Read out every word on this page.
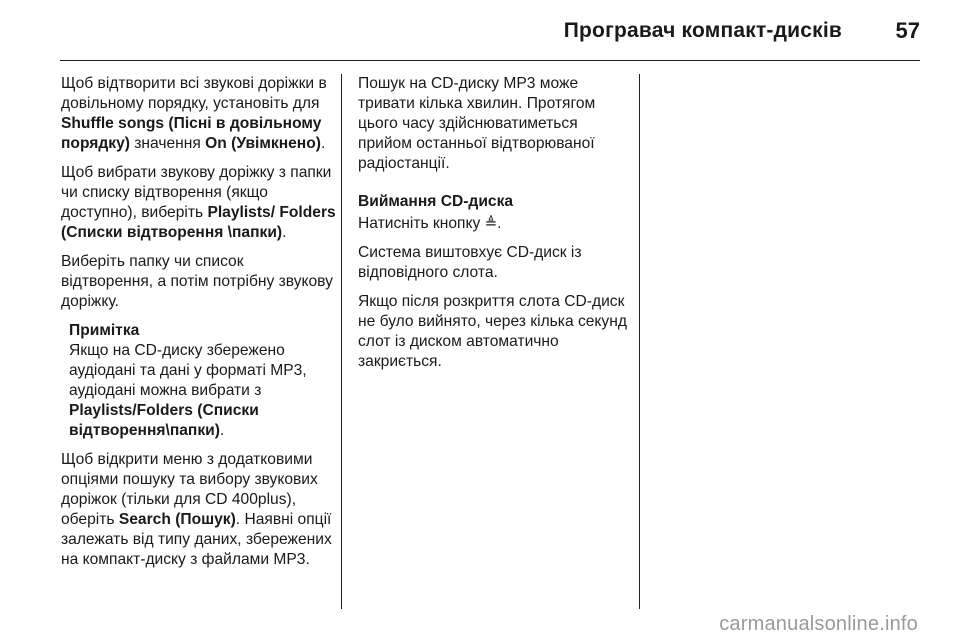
Програвач компакт-дисків 57

Щоб відтворити всі звукові доріжки в довільному порядку, установіть для Shuffle songs (Пісні в довільному порядку) значення On (Увімкнено).

Щоб вибрати звукову доріжку з папки чи списку відтворення (якщо доступно), виберіть Playlists/ Folders (Списки відтворення \папки).

Виберіть папку чи список відтворення, а потім потрібну звукову доріжку.

Примітка
Якщо на CD-диску збережено аудіодані та дані у форматі MP3, аудіодані можна вибрати з Playlists/Folders (Списки відтворення\папки).

Щоб відкрити меню з додатковими опціями пошуку та вибору звукових доріжок (тільки для CD 400plus), оберіть Search (Пошук). Наявні опції залежать від типу даних, збережених на компакт-диску з файлами MP3.

Пошук на CD-диску MP3 може тривати кілька хвилин. Протягом цього часу здійснюватиметься прийом останньої відтворюваної радіостанції.

Виймання CD-диска

Натисніть кнопку ≜.

Система виштовхує CD-диск із відповідного слота.

Якщо після розкриття слота CD-диск не було вийнято, через кілька секунд слот із диском автоматично закриється.

carmanualsonline.info
